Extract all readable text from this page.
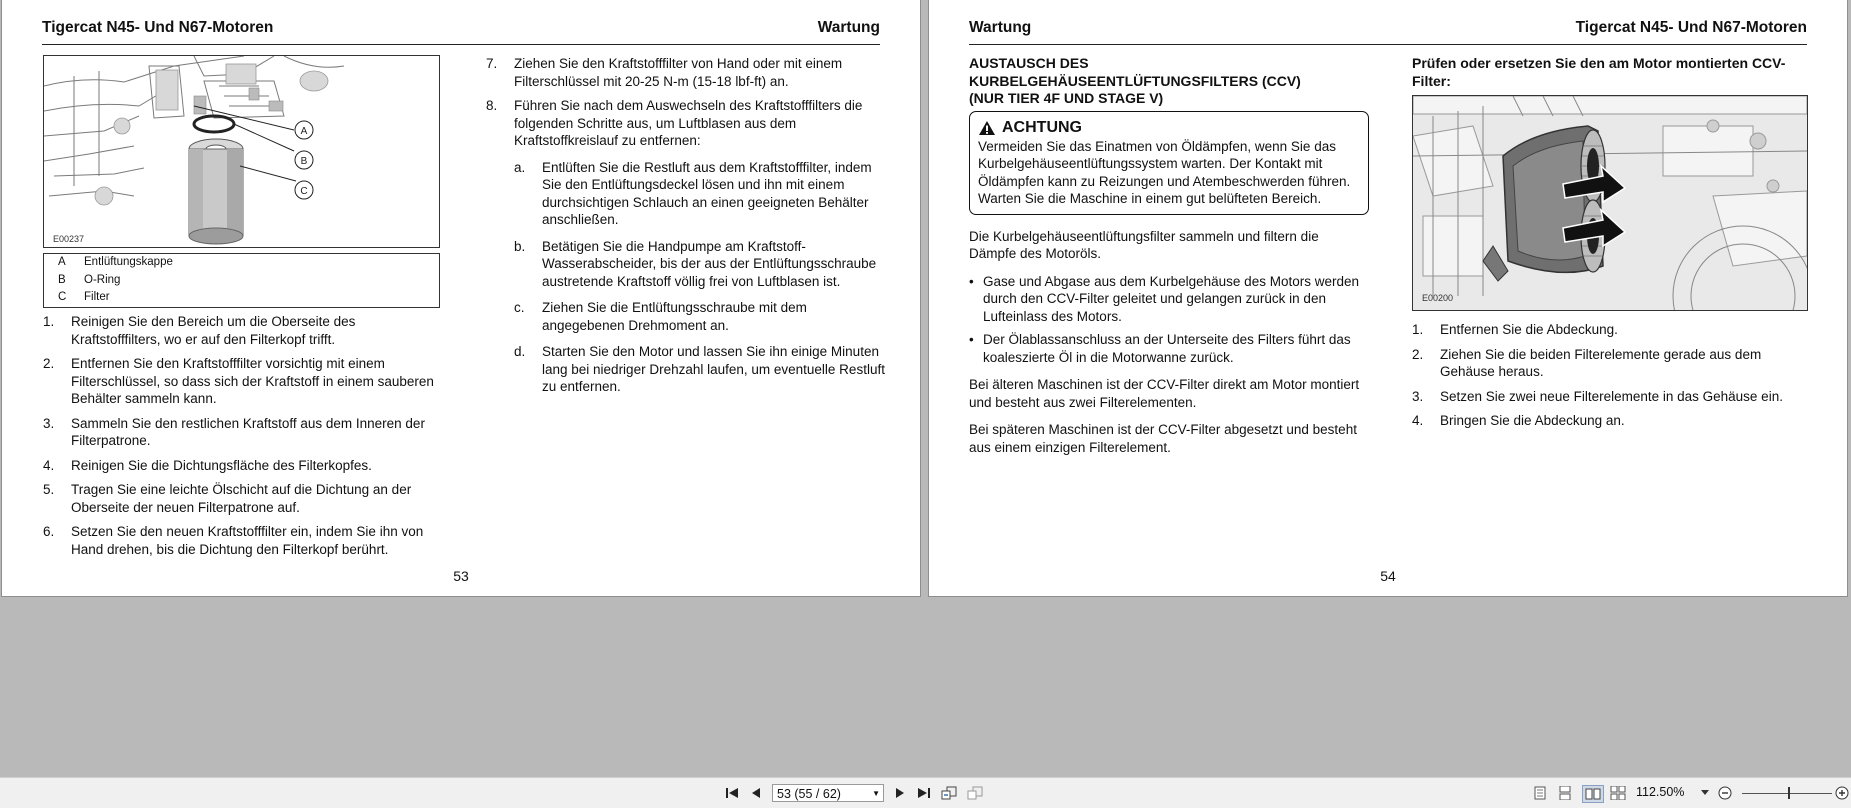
Tigercat N45- Und N67-Motoren	Wartung
A
B
C
E00237
A Entlüftungskappe
B O-Ring
C Filter
1. Reinigen Sie den Bereich um die Oberseite des Kraftstofffilters, wo er auf den Filterkopf trifft.
2. Entfernen Sie den Kraftstofffilter vorsichtig mit einem Filterschlüssel, so dass sich der Kraftstoff in einem sauberen Behälter sammeln kann.
3. Sammeln Sie den restlichen Kraftstoff aus dem Inneren der Filterpatrone.
4. Reinigen Sie die Dichtungsfläche des Filterkopfes.
5. Tragen Sie eine leichte Ölschicht auf die Dichtung an der Oberseite der neuen Filterpatrone auf.
6. Setzen Sie den neuen Kraftstofffilter ein, indem Sie ihn von Hand drehen, bis die Dichtung den Filterkopf berührt.
7. Ziehen Sie den Kraftstofffilter von Hand oder mit einem Filterschlüssel mit 20-25 N-m (15-18 lbf-ft) an.
8. Führen Sie nach dem Auswechseln des Kraftstofffilters die folgenden Schritte aus, um Luftblasen aus dem Kraftstoffkreislauf zu entfernen:
a. Entlüften Sie die Restluft aus dem Kraftstofffilter, indem Sie den Entlüftungsdeckel lösen und ihn mit einem durchsichtigen Schlauch an einen geeigneten Behälter anschließen.
b. Betätigen Sie die Handpumpe am Kraftstoff-Wasserabscheider, bis der aus der Entlüftungsschraube austretende Kraftstoff völlig frei von Luftblasen ist.
c. Ziehen Sie die Entlüftungsschraube mit dem angegebenen Drehmoment an.
d. Starten Sie den Motor und lassen Sie ihn einige Minuten lang bei niedriger Drehzahl laufen, um eventuelle Restluft zu entfernen.
53
Wartung	Tigercat N45- Und N67-Motoren
AUSTAUSCH DES
KURBELGEHÄUSEENTLÜFTUNGSFILTERS (CCV)
(NUR TIER 4F UND STAGE V)
ACHTUNG
Vermeiden Sie das Einatmen von Öldämpfen, wenn Sie das Kurbelgehäuseentlüftungssystem warten. Der Kontakt mit Öldämpfen kann zu Reizungen und Atembeschwerden führen. Warten Sie die Maschine in einem gut belüfteten Bereich.

Die Kurbelgehäuseentlüftungsfilter sammeln und filtern die Dämpfe des Motoröls.

• Gase und Abgase aus dem Kurbelgehäuse des Motors werden durch den CCV-Filter geleitet und gelangen zurück in den Lufteinlass des Motors.
• Der Ölablassanschluss an der Unterseite des Filters führt das koaleszierte Öl in die Motorwanne zurück.

Bei älteren Maschinen ist der CCV-Filter direkt am Motor montiert und besteht aus zwei Filterelementen.

Bei späteren Maschinen ist der CCV-Filter abgesetzt und besteht aus einem einzigen Filterelement.

Prüfen oder ersetzen Sie den am Motor montierten CCV-Filter:
E00200
1. Entfernen Sie die Abdeckung.
2. Ziehen Sie die beiden Filterelemente gerade aus dem Gehäuse heraus.
3. Setzen Sie zwei neue Filterelemente in das Gehäuse ein.
4. Bringen Sie die Abdeckung an.
54
53 (55 / 62)	▼	112.50%
